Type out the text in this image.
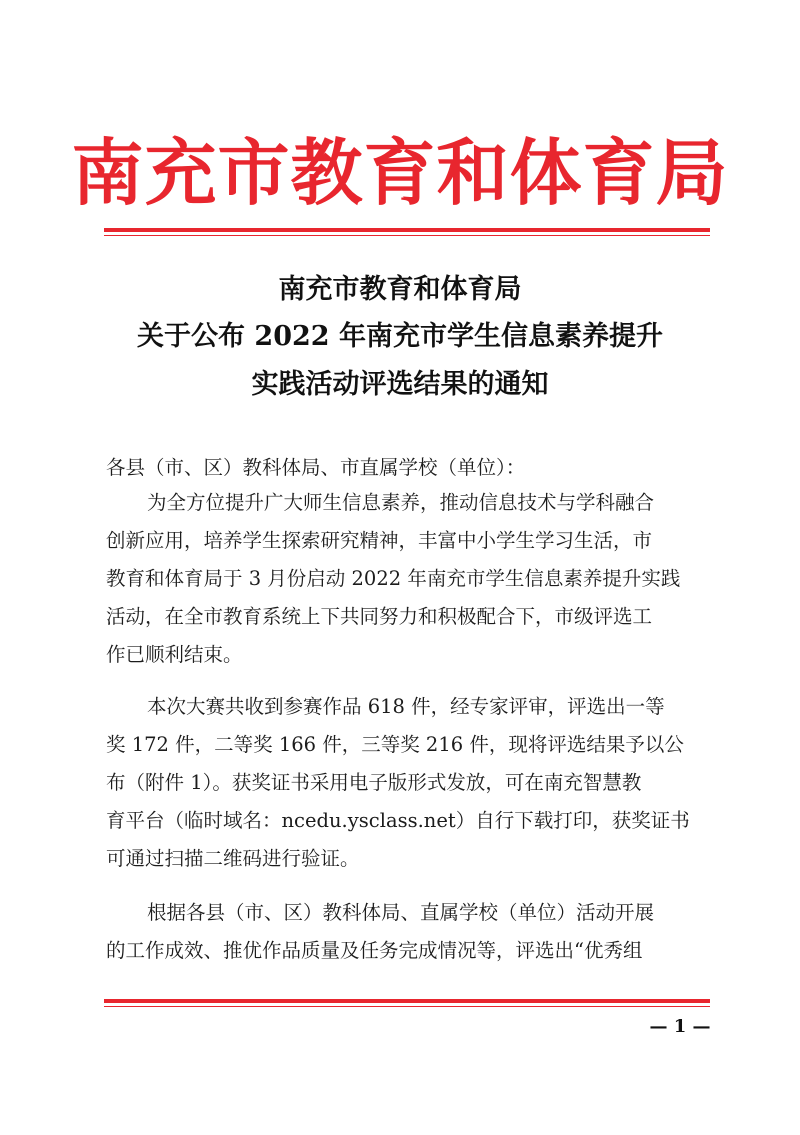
南充市教育和体育局
南充市教育和体育局
关于公布 2022 年南充市学生信息素养提升
实践活动评选结果的通知
各县（市、区）教科体局、市直属学校（单位）：
为全方位提升广大师生信息素养，推动信息技术与学科融合
创新应用，培养学生探索研究精神，丰富中小学生学习生活，市
教育和体育局于 3 月份启动 2022 年南充市学生信息素养提升实践
活动，在全市教育系统上下共同努力和积极配合下，市级评选工
作已顺利结束。
本次大赛共收到参赛作品 618 件，经专家评审，评选出一等
奖 172 件，二等奖 166 件，三等奖 216 件，现将评选结果予以公
布（附件 1）。获奖证书采用电子版形式发放，可在南充智慧教
育平台（临时域名：ncedu.ysclass.net）自行下载打印，获奖证书
可通过扫描二维码进行验证。
根据各县（市、区）教科体局、直属学校（单位）活动开展
的工作成效、推优作品质量及任务完成情况等，评选出“优秀组
— 1 —
